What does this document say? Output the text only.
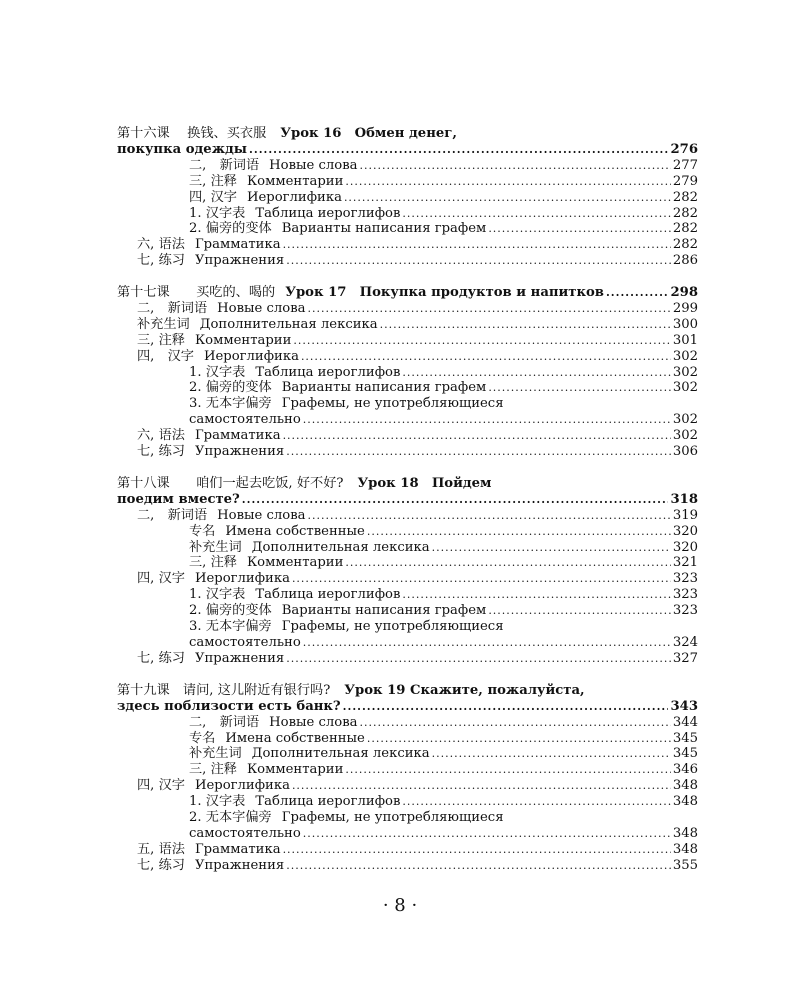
第十六课　 换钱、买衣服 Урок 16　Обмен денег,
покупка одежды .....	276
二,　新词语 Новые слова .....	277
三, 注释 Комментарии .....	279
四, 汉字 Иероглифика .....	282
1. 汉字表 Таблица иероглифов .....	282
2. 偏旁的变体 Варианты написания графем .....	282
六, 语法 Грамматика .....	282
七, 练习 Упражнения .....	286
第十七课　　买吃的、喝的 Урок 17　Покупка продуктов и напитков .....	298
二,　新词语 Новые слова .....	299
补充生词 Дополнительная лексика .....	300
三, 注释 Комментарии .....	301
四,　汉字 Иероглифика .....	302
1. 汉字表 Таблица иероглифов .....	302
2. 偏旁的变体 Варианты написания графем .....	302
3. 无本字偏旁 Графемы, не употребляющиеся
самостоятельно .....	302
六, 语法 Грамматика .....	302
七, 练习 Упражнения .....	306
第十八课　　咱们一起去吃饭, 好不好? Урок 18　Пойдем
поедим вместе? .....	318
二,　新词语 Новые слова .....	319
专名 Имена собственные .....	320
补充生词 Дополнительная лексика .....	320
三, 注释 Комментарии .....	321
四, 汉字 Иероглифика .....	323
1. 汉字表 Таблица иероглифов .....	323
2. 偏旁的变体 Варианты написания графем .....	323
3. 无本字偏旁 Графемы, не употребляющиеся
самостоятельно .....	324
七, 练习 Упражнения .....	327
第十九课　请问, 这儿附近有银行吗? Урок 19 Скажите, пожалуйста,
здесь поблизости есть банк? .....	343
二,　新词语 Новые слова .....	344
专名 Имена собственные .....	345
补充生词 Дополнительная лексика .....	345
三, 注释 Комментарии .....	346
四, 汉字 Иероглифика .....	348
1. 汉字表 Таблица иероглифов .....	348
2. 无本字偏旁 Графемы, не употребляющиеся
самостоятельно .....	348
五, 语法 Грамматика .....	348
七, 练习 Упражнения .....	355
· 8 ·
